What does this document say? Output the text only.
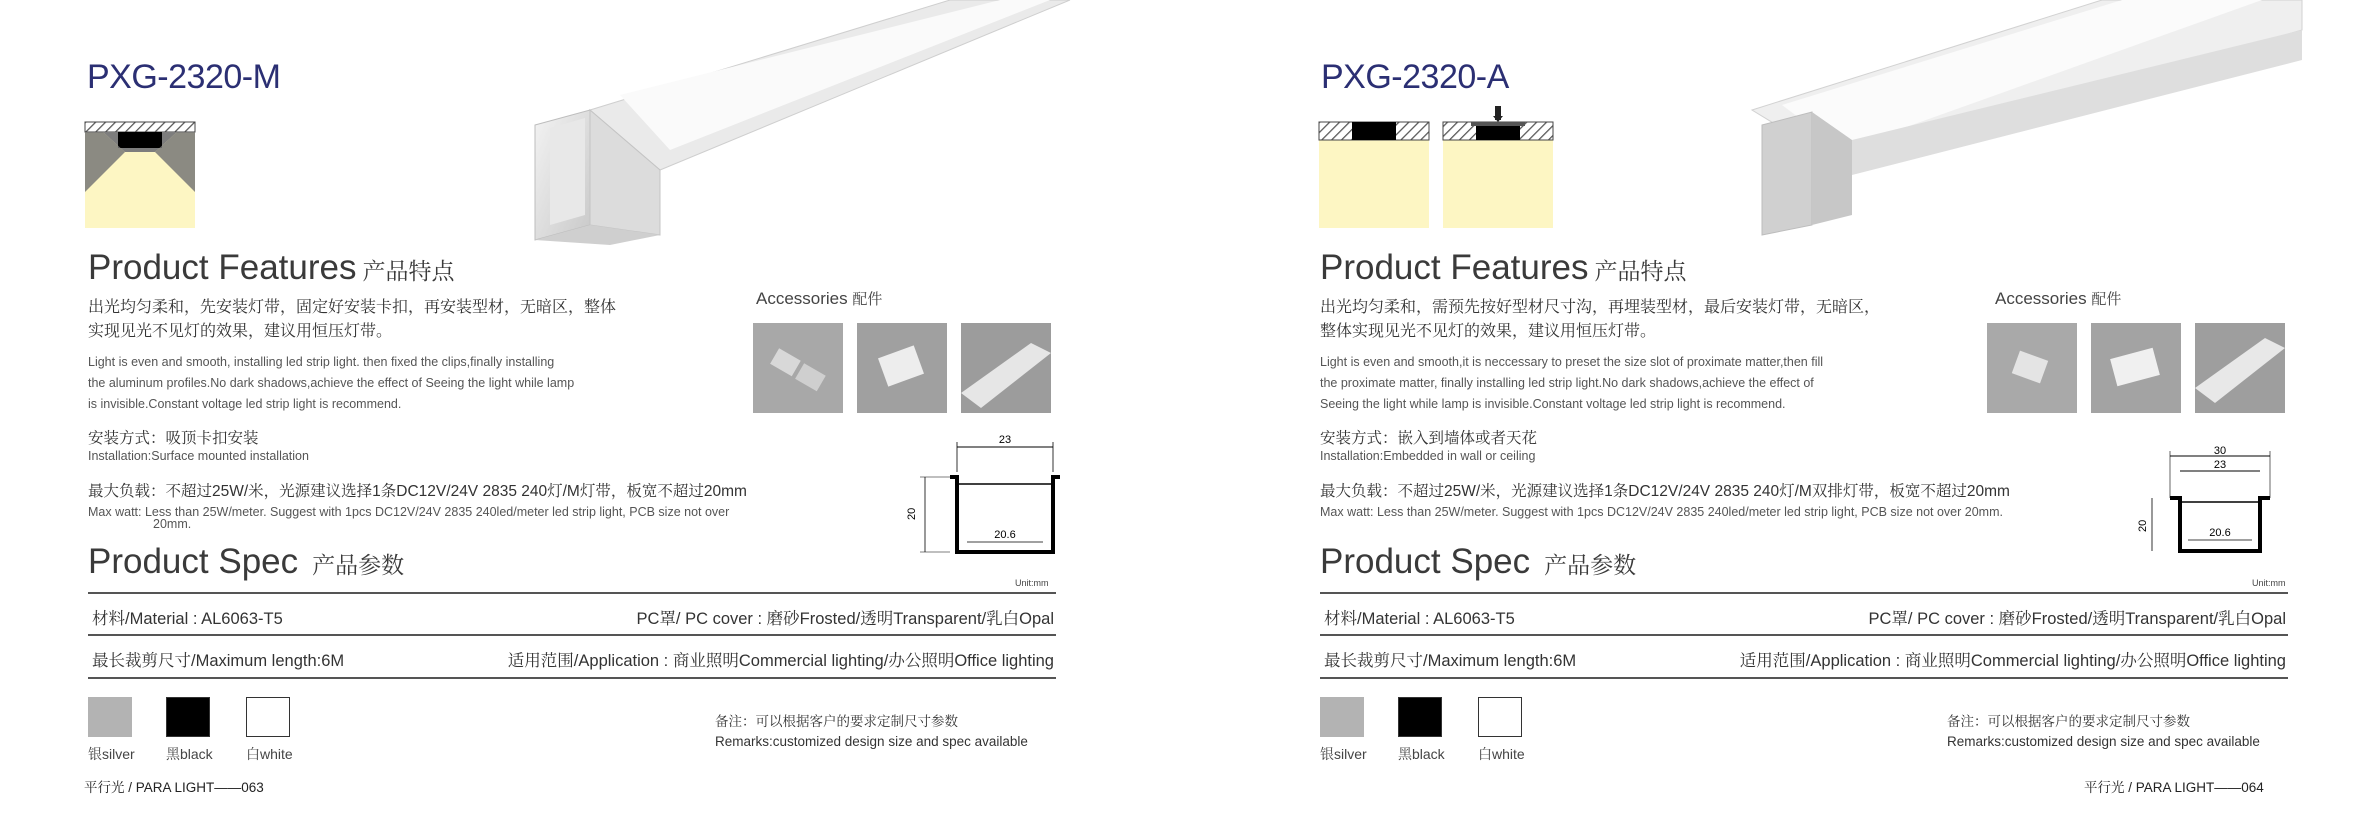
PXG-2320-M
Product Features 产品特点
出光均匀柔和，先安装灯带，固定好安装卡扣，再安装型材，无暗区，整体
实现见光不见灯的效果，建议用恒压灯带。
Light is even and smooth, installing led strip light. then fixed the clips,finally installing
the aluminum profiles.No dark shadows,achieve the effect of Seeing the light while lamp
is invisible.Constant voltage led strip light is recommend.
Accessories 配件
安装方式：吸顶卡扣安装
Installation:Surface mounted installation
最大负载：不超过25W/米，光源建议选择1条DC12V/24V 2835 240灯/M灯带，板宽不超过20mm
Max watt: Less than 25W/meter. Suggest with 1pcs DC12V/24V 2835 240led/meter led strip light, PCB size not over
20mm.
23
20
20.6
Unit:mm
Product Spec 产品参数
材料/Material : AL6063-T5	PC罩/ PC cover : 磨砂Frosted/透明Transparent/乳白Opal
最长裁剪尺寸/Maximum length:6M	适用范围/Application : 商业照明Commercial lighting/办公照明Office lighting
银silver 黑black 白white
备注：可以根据客户的要求定制尺寸参数
Remarks:customized design size and spec available
平行光 / PARA LIGHT——063
PXG-2320-A
Product Features 产品特点
出光均匀柔和，需预先按好型材尺寸沟，再埋装型材，最后安装灯带，无暗区，
整体实现见光不见灯的效果，建议用恒压灯带。
Light is even and smooth,it is neccessary to preset the size slot of proximate matter,then fill
the proximate matter, finally installing led strip light.No dark shadows,achieve the effect of
Seeing the light while lamp is invisible.Constant voltage led strip light is recommend.
Accessories 配件
安装方式：嵌入到墙体或者天花
Installation:Embedded in wall or ceiling
最大负载：不超过25W/米，光源建议选择1条DC12V/24V 2835 240灯/M双排灯带，板宽不超过20mm
Max watt: Less than 25W/meter. Suggest with 1pcs DC12V/24V 2835 240led/meter led strip light, PCB size not over 20mm.
30
23
20
20.6
Unit:mm
Product Spec 产品参数
材料/Material : AL6063-T5	PC罩/ PC cover : 磨砂Frosted/透明Transparent/乳白Opal
最长裁剪尺寸/Maximum length:6M	适用范围/Application : 商业照明Commercial lighting/办公照明Office lighting
银silver 黑black 白white
备注：可以根据客户的要求定制尺寸参数
Remarks:customized design size and spec available
平行光 / PARA LIGHT——064
